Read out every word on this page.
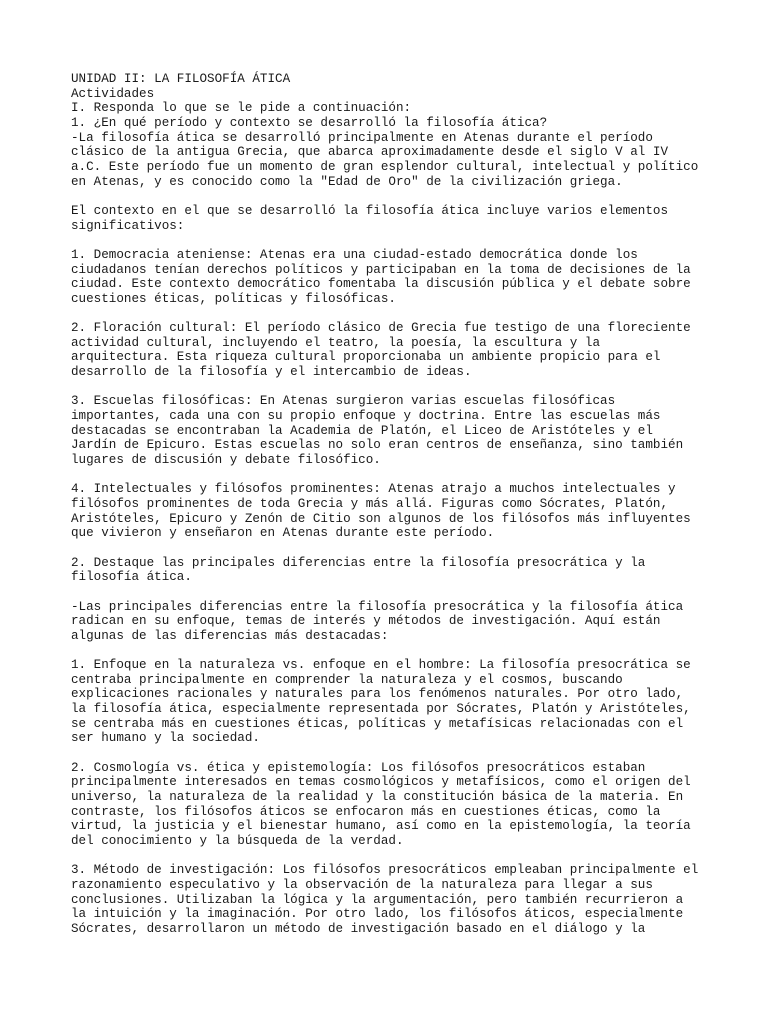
UNIDAD II: LA FILOSOFÍA ÁTICA
Actividades
I. Responda lo que se le pide a continuación:
1. ¿En qué período y contexto se desarrolló la filosofía ática?
-La filosofía ática se desarrolló principalmente en Atenas durante el período
clásico de la antigua Grecia, que abarca aproximadamente desde el siglo V al IV
a.C. Este período fue un momento de gran esplendor cultural, intelectual y político
en Atenas, y es conocido como la "Edad de Oro" de la civilización griega.
El contexto en el que se desarrolló la filosofía ática incluye varios elementos
significativos:
1. Democracia ateniense: Atenas era una ciudad-estado democrática donde los
ciudadanos tenían derechos políticos y participaban en la toma de decisiones de la
ciudad. Este contexto democrático fomentaba la discusión pública y el debate sobre
cuestiones éticas, políticas y filosóficas.
2. Floración cultural: El período clásico de Grecia fue testigo de una floreciente
actividad cultural, incluyendo el teatro, la poesía, la escultura y la
arquitectura. Esta riqueza cultural proporcionaba un ambiente propicio para el
desarrollo de la filosofía y el intercambio de ideas.
3. Escuelas filosóficas: En Atenas surgieron varias escuelas filosóficas
importantes, cada una con su propio enfoque y doctrina. Entre las escuelas más
destacadas se encontraban la Academia de Platón, el Liceo de Aristóteles y el
Jardín de Epicuro. Estas escuelas no solo eran centros de enseñanza, sino también
lugares de discusión y debate filosófico.
4. Intelectuales y filósofos prominentes: Atenas atrajo a muchos intelectuales y
filósofos prominentes de toda Grecia y más allá. Figuras como Sócrates, Platón,
Aristóteles, Epicuro y Zenón de Citio son algunos de los filósofos más influyentes
que vivieron y enseñaron en Atenas durante este período.
2. Destaque las principales diferencias entre la filosofía presocrática y la
filosofía ática.
-Las principales diferencias entre la filosofía presocrática y la filosofía ática
radican en su enfoque, temas de interés y métodos de investigación. Aquí están
algunas de las diferencias más destacadas:
1. Enfoque en la naturaleza vs. enfoque en el hombre: La filosofía presocrática se
centraba principalmente en comprender la naturaleza y el cosmos, buscando
explicaciones racionales y naturales para los fenómenos naturales. Por otro lado,
la filosofía ática, especialmente representada por Sócrates, Platón y Aristóteles,
se centraba más en cuestiones éticas, políticas y metafísicas relacionadas con el
ser humano y la sociedad.
2. Cosmología vs. ética y epistemología: Los filósofos presocráticos estaban
principalmente interesados en temas cosmológicos y metafísicos, como el origen del
universo, la naturaleza de la realidad y la constitución básica de la materia. En
contraste, los filósofos áticos se enfocaron más en cuestiones éticas, como la
virtud, la justicia y el bienestar humano, así como en la epistemología, la teoría
del conocimiento y la búsqueda de la verdad.
3. Método de investigación: Los filósofos presocráticos empleaban principalmente el
razonamiento especulativo y la observación de la naturaleza para llegar a sus
conclusiones. Utilizaban la lógica y la argumentación, pero también recurrieron a
la intuición y la imaginación. Por otro lado, los filósofos áticos, especialmente
Sócrates, desarrollaron un método de investigación basado en el diálogo y la
